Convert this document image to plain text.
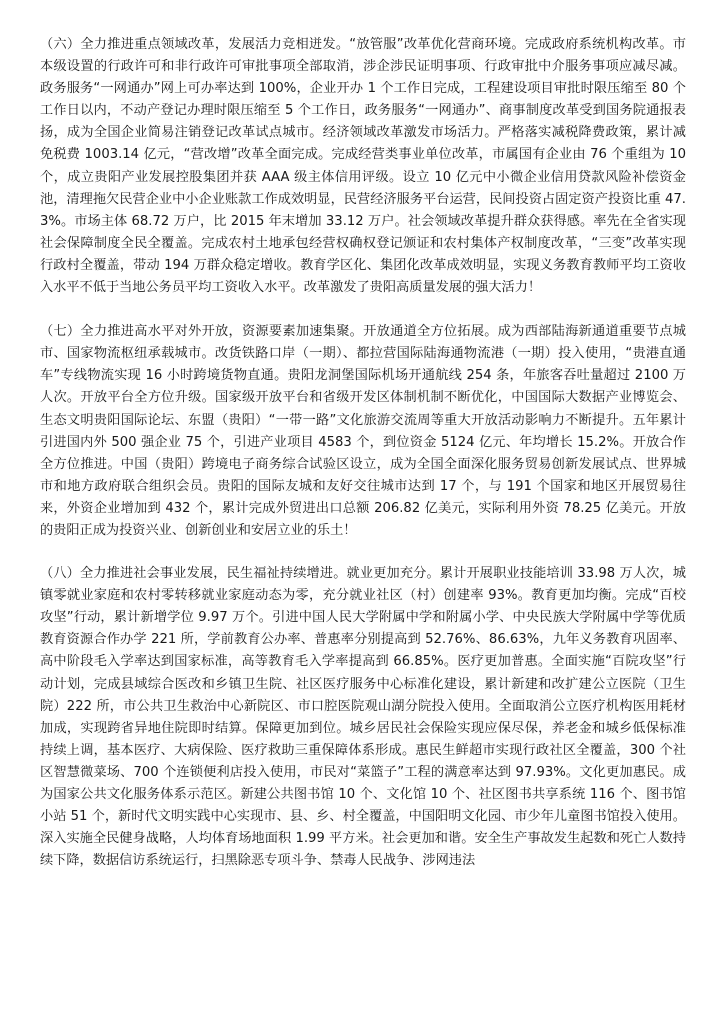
（六）全力推进重点领域改革，发展活力竞相迸发。“放管服”改革优化营商环境。完成政府系统机构改革。市本级设置的行政许可和非行政许可审批事项全部取消，涉企涉民证明事项、行政审批中介服务事项应减尽减。政务服务“一网通办”网上可办率达到 100%，企业开办 1 个工作日完成，工程建设项目审批时限压缩至 80 个工作日以内，不动产登记办理时限压缩至 5 个工作日，政务服务“一网通办”、商事制度改革受到国务院通报表扬，成为全国企业简易注销登记改革试点城市。经济领域改革激发市场活力。严格落实减税降费政策，累计减免税费 1003.14 亿元，“营改增”改革全面完成。完成经营类事业单位改革，市属国有企业由 76 个重组为 10 个，成立贵阳产业发展控股集团并获 AAA 级主体信用评级。设立 10 亿元中小微企业信用贷款风险补偿资金池，清理拖欠民营企业中小企业账款工作成效明显，民营经济服务平台运营，民间投资占固定资产投资比重 47.3%。市场主体 68.72 万户，比 2015 年末增加 33.12 万户。社会领域改革提升群众获得感。率先在全省实现社会保障制度全民全覆盖。完成农村土地承包经营权确权登记颁证和农村集体产权制度改革，“三变”改革实现行政村全覆盖，带动 194 万群众稳定增收。教育学区化、集团化改革成效明显，实现义务教育教师平均工资收入水平不低于当地公务员平均工资收入水平。改革激发了贵阳高质量发展的强大活力！

（七）全力推进高水平对外开放，资源要素加速集聚。开放通道全方位拓展。成为西部陆海新通道重要节点城市、国家物流枢纽承载城市。改货铁路口岸（一期）、都拉营国际陆海通物流港（一期）投入使用，“贵港直通车”专线物流实现 16 小时跨境货物直通。贵阳龙洞堡国际机场开通航线 254 条，年旅客吞吐量超过 2100 万人次。开放平台全方位升级。国家级开放平台和省级开发区体制机制不断优化，中国国际大数据产业博览会、生态文明贵阳国际论坛、东盟（贵阳）“一带一路”文化旅游交流周等重大开放活动影响力不断提升。五年累计引进国内外 500 强企业 75 个，引进产业项目 4583 个，到位资金 5124 亿元、年均增长 15.2%。开放合作全方位推进。中国（贵阳）跨境电子商务综合试验区设立，成为全国全面深化服务贸易创新发展试点、世界城市和地方政府联合组织会员。贵阳的国际友城和友好交往城市达到 17 个，与 191 个国家和地区开展贸易往来，外资企业增加到 432 个，累计完成外贸进出口总额 206.82 亿美元，实际利用外资 78.25 亿美元。开放的贵阳正成为投资兴业、创新创业和安居立业的乐土！

（八）全力推进社会事业发展，民生福祉持续增进。就业更加充分。累计开展职业技能培训 33.98 万人次，城镇零就业家庭和农村零转移就业家庭动态为零，充分就业社区（村）创建率 93%。教育更加均衡。完成“百校攻坚”行动，累计新增学位 9.97 万个。引进中国人民大学附属中学和附属小学、中央民族大学附属中学等优质教育资源合作办学 221 所，学前教育公办率、普惠率分别提高到 52.76%、86.63%，九年义务教育巩固率、高中阶段毛入学率达到国家标准，高等教育毛入学率提高到 66.85%。医疗更加普惠。全面实施“百院攻坚”行动计划，完成县域综合医改和乡镇卫生院、社区医疗服务中心标准化建设，累计新建和改扩建公立医院（卫生院）222 所，市公共卫生救治中心新院区、市口腔医院观山湖分院投入使用。全面取消公立医疗机构医用耗材加成，实现跨省异地住院即时结算。保障更加到位。城乡居民社会保险实现应保尽保，养老金和城乡低保标准持续上调，基本医疗、大病保险、医疗救助三重保障体系形成。惠民生鲜超市实现行政社区全覆盖，300 个社区智慧微菜场、700 个连锁便利店投入使用，市民对“菜篮子”工程的满意率达到 97.93%。文化更加惠民。成为国家公共文化服务体系示范区。新建公共图书馆 10 个、文化馆 10 个、社区图书共享系统 116 个、图书馆小站 51 个，新时代文明实践中心实现市、县、乡、村全覆盖，中国阳明文化园、市少年儿童图书馆投入使用。深入实施全民健身战略，人均体育场地面积 1.99 平方米。社会更加和谐。安全生产事故发生起数和死亡人数持续下降，数据信访系统运行，扫黑除恶专项斗争、禁毒人民战争、涉网违法
